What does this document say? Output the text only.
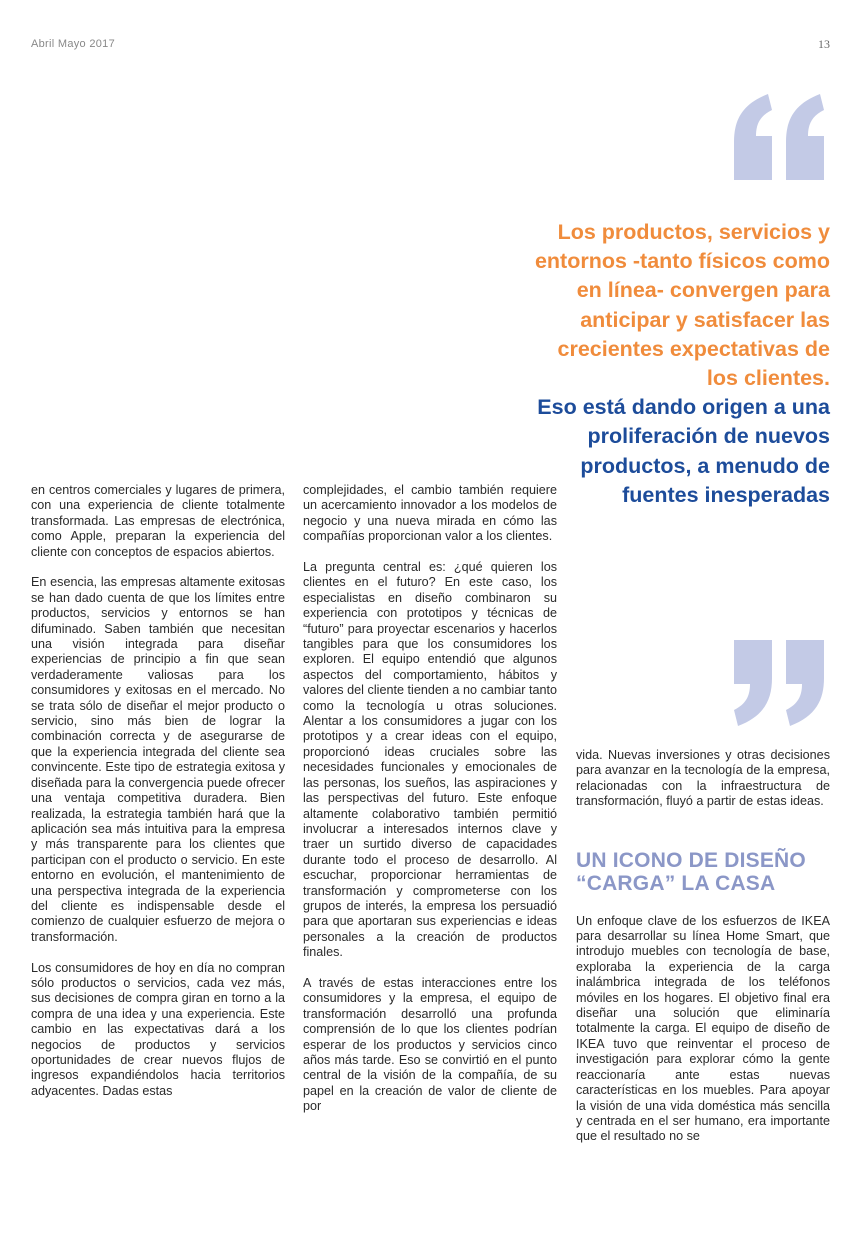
Abril Mayo 2017	13
Los productos, servicios y entornos -tanto físicos como en línea- convergen para anticipar y satisfacer las crecientes expectativas de los clientes.
Eso está dando origen a una proliferación de nuevos productos, a menudo de fuentes inesperadas

en centros comerciales y lugares de primera, con una experiencia de cliente totalmente transformada. Las empresas de electrónica, como Apple, preparan la experiencia del cliente con conceptos de espacios abiertos.

En esencia, las empresas altamente exitosas se han dado cuenta de que los límites entre productos, servicios y entornos se han difuminado. Saben también que necesitan una visión integrada para diseñar experiencias de principio a fin que sean verdaderamente valiosas para los consumidores y exitosas en el mercado. No se trata sólo de diseñar el mejor producto o servicio, sino más bien de lograr la combinación correcta y de asegurarse de que la experiencia integrada del cliente sea convincente. Este tipo de estrategia exitosa y diseñada para la convergencia puede ofrecer una ventaja competitiva duradera. Bien realizada, la estrategia también hará que la aplicación sea más intuitiva para la empresa y más transparente para los clientes que participan con el producto o servicio. En este entorno en evolución, el mantenimiento de una perspectiva integrada de la experiencia del cliente es indispensable desde el comienzo de cualquier esfuerzo de mejora o transformación.

Los consumidores de hoy en día no compran sólo productos o servicios, cada vez más, sus decisiones de compra giran en torno a la compra de una idea y una experiencia. Este cambio en las expectativas dará a los negocios de productos y servicios oportunidades de crear nuevos flujos de ingresos expandiéndolos hacia territorios adyacentes. Dadas estas

complejidades, el cambio también requiere un acercamiento innovador a los modelos de negocio y una nueva mirada en cómo las compañías proporcionan valor a los clientes.

La pregunta central es: ¿qué quieren los clientes en el futuro? En este caso, los especialistas en diseño combinaron su experiencia con prototipos y técnicas de “futuro” para proyectar escenarios y hacerlos tangibles para que los consumidores los exploren. El equipo entendió que algunos aspectos del comportamiento, hábitos y valores del cliente tienden a no cambiar tanto como la tecnología u otras soluciones. Alentar a los consumidores a jugar con los prototipos y a crear ideas con el equipo, proporcionó ideas cruciales sobre las necesidades funcionales y emocionales de las personas, los sueños, las aspiraciones y las perspectivas del futuro. Este enfoque altamente colaborativo también permitió involucrar a interesados internos clave y traer un surtido diverso de capacidades durante todo el proceso de desarrollo. Al escuchar, proporcionar herramientas de transformación y comprometerse con los grupos de interés, la empresa los persuadió para que aportaran sus experiencias e ideas personales a la creación de productos finales.

A través de estas interacciones entre los consumidores y la empresa, el equipo de transformación desarrolló una profunda comprensión de lo que los clientes podrían esperar de los productos y servicios cinco años más tarde. Eso se convirtió en el punto central de la visión de la compañía, de su papel en la creación de valor de cliente de por

vida. Nuevas inversiones y otras decisiones para avanzar en la tecnología de la empresa, relacionadas con la infraestructura de transformación, fluyó a partir de estas ideas.

UN ICONO DE DISEÑO “CARGA” LA CASA

Un enfoque clave de los esfuerzos de IKEA para desarrollar su línea Home Smart, que introdujo muebles con tecnología de base, exploraba la experiencia de la carga inalámbrica integrada de los teléfonos móviles en los hogares. El objetivo final era diseñar una solución que eliminaría totalmente la carga. El equipo de diseño de IKEA tuvo que reinventar el proceso de investigación para explorar cómo la gente reaccionaría ante estas nuevas características en los muebles. Para apoyar la visión de una vida doméstica más sencilla y centrada en el ser humano, era importante que el resultado no se
